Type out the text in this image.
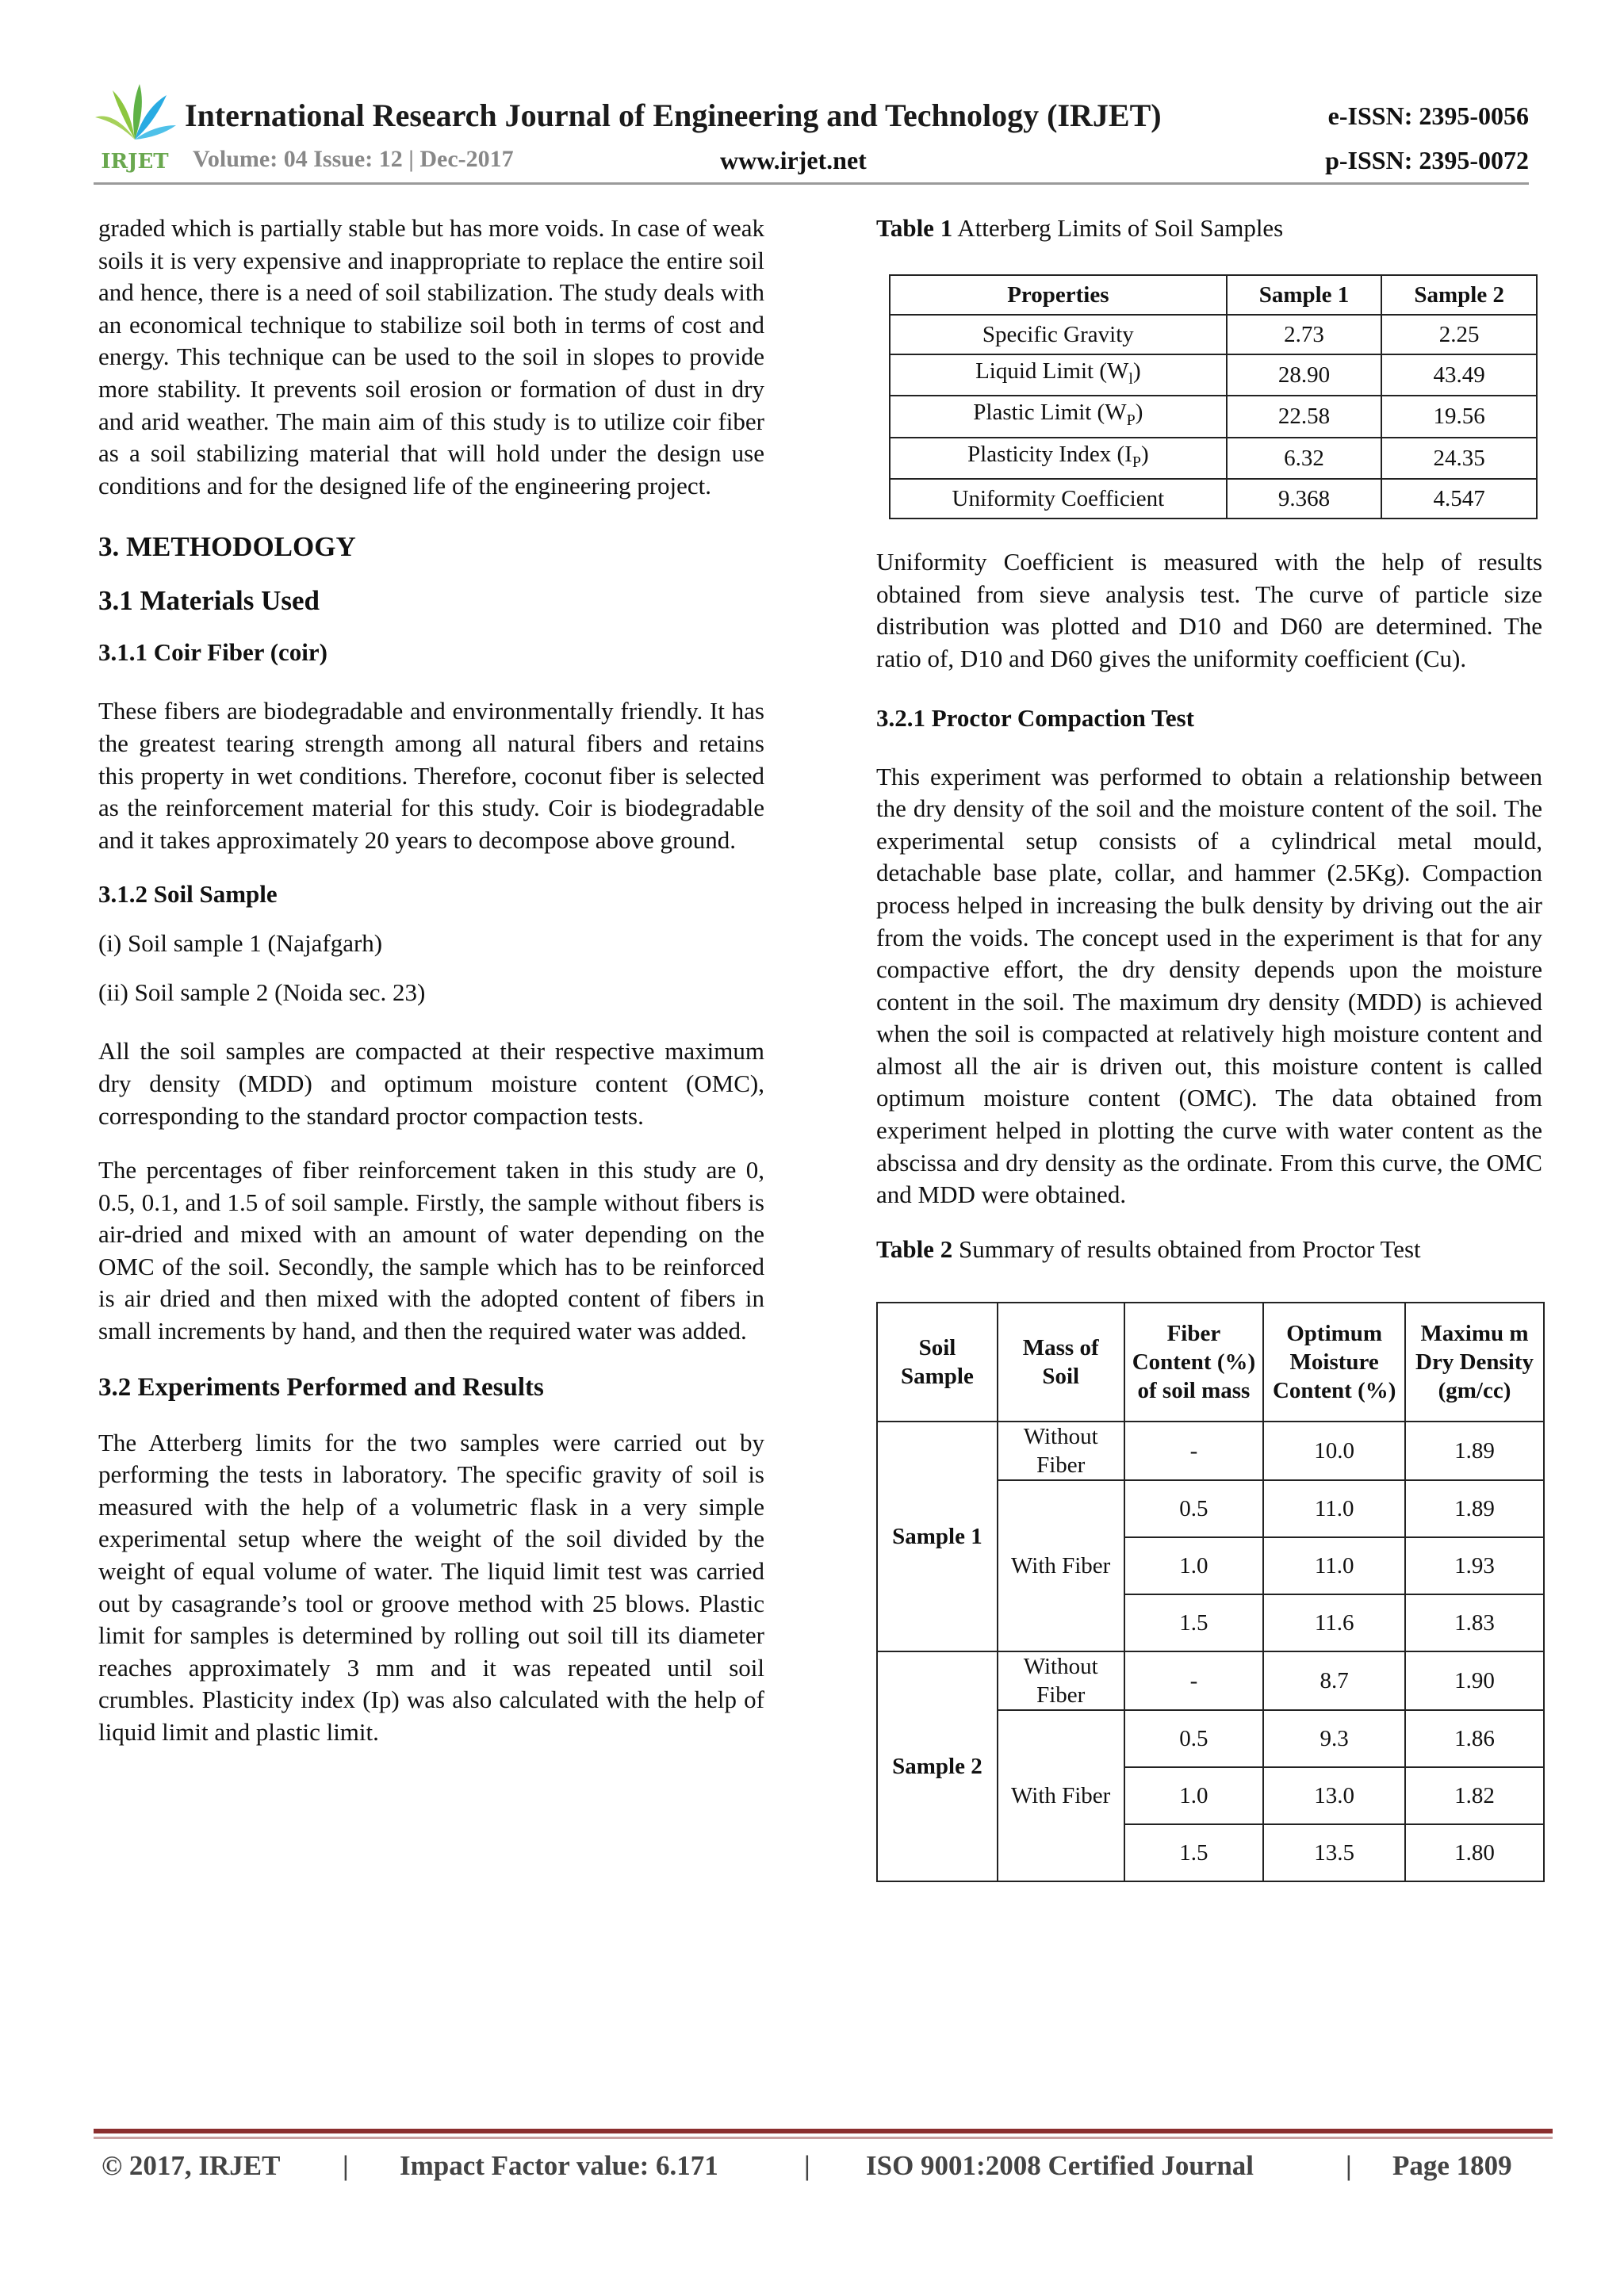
IRJET
International Research Journal of Engineering and Technology (IRJET)	e-ISSN: 2395-0056
Volume: 04 Issue: 12 | Dec-2017	www.irjet.net	p-ISSN: 2395-0072

graded which is partially stable but has more voids. In case of weak soils it is very expensive and inappropriate to replace the entire soil and hence, there is a need of soil stabilization. The study deals with an economical technique to stabilize soil both in terms of cost and energy. This technique can be used to the soil in slopes to provide more stability. It prevents soil erosion or formation of dust in dry and arid weather. The main aim of this study is to utilize coir fiber as a soil stabilizing material that will hold under the design use conditions and for the designed life of the engineering project.

3. METHODOLOGY
3.1 Materials Used
3.1.1 Coir Fiber (coir)

These fibers are biodegradable and environmentally friendly. It has the greatest tearing strength among all natural fibers and retains this property in wet conditions. Therefore, coconut fiber is selected as the reinforcement material for this study. Coir is biodegradable and it takes approximately 20 years to decompose above ground.

3.1.2 Soil Sample

(i) Soil sample 1 (Najafgarh)

(ii) Soil sample 2 (Noida sec. 23)

All the soil samples are compacted at their respective maximum dry density (MDD) and optimum moisture content (OMC), corresponding to the standard proctor compaction tests.

The percentages of fiber reinforcement taken in this study are 0, 0.5, 0.1, and 1.5 of soil sample. Firstly, the sample without fibers is air-dried and mixed with an amount of water depending on the OMC of the soil. Secondly, the sample which has to be reinforced is air dried and then mixed with the adopted content of fibers in small increments by hand, and then the required water was added.

3.2 Experiments Performed and Results

The Atterberg limits for the two samples were carried out by performing the tests in laboratory. The specific gravity of soil is measured with the help of a volumetric flask in a very simple experimental setup where the weight of the soil divided by the weight of equal volume of water. The liquid limit test was carried out by casagrande’s tool or groove method with 25 blows. Plastic limit for samples is determined by rolling out soil till its diameter reaches approximately 3 mm and it was repeated until soil crumbles. Plasticity index (Ip) was also calculated with the help of liquid limit and plastic limit.

Table 1 Atterberg Limits of Soil Samples

Properties	Sample 1	Sample 2
Specific Gravity	2.73	2.25
Liquid Limit $(W_l)$	28.90	43.49
Plastic Limit $(W_P)$	22.58	19.56
Plasticity Index $(I_P)$	6.32	24.35
Uniformity Coefficient	9.368	4.547

Uniformity Coefficient is measured with the help of results obtained from sieve analysis test. The curve of particle size distribution was plotted and D10 and D60 are determined. The ratio of, D10 and D60 gives the uniformity coefficient (Cu).

3.2.1 Proctor Compaction Test

This experiment was performed to obtain a relationship between the dry density of the soil and the moisture content of the soil. The experimental setup consists of a cylindrical metal mould, detachable base plate, collar, and hammer (2.5Kg). Compaction process helped in increasing the bulk density by driving out the air from the voids. The concept used in the experiment is that for any compactive effort, the dry density depends upon the moisture content in the soil. The maximum dry density (MDD) is achieved when the soil is compacted at relatively high moisture content and almost all the air is driven out, this moisture content is called optimum moisture content (OMC). The data obtained from experiment helped in plotting the curve with water content as the abscissa and dry density as the ordinate. From this curve, the OMC and MDD were obtained.

Table 2 Summary of results obtained from Proctor Test

Soil Sample	Mass of Soil	Fiber Content (%) of soil mass	Optimum Moisture Content (%)	Maximu m Dry Density (gm/cc)
Sample 1	Without Fiber	-	10.0	1.89
	With Fiber	0.5	11.0	1.89
		1.0	11.0	1.93
		1.5	11.6	1.83
Sample 2	Without Fiber	-	8.7	1.90
	With Fiber	0.5	9.3	1.86
		1.0	13.0	1.82
		1.5	13.5	1.80
© 2017, IRJET | Impact Factor value: 6.171	| ISO 9001:2008 Certified Journal	| Page 1809
